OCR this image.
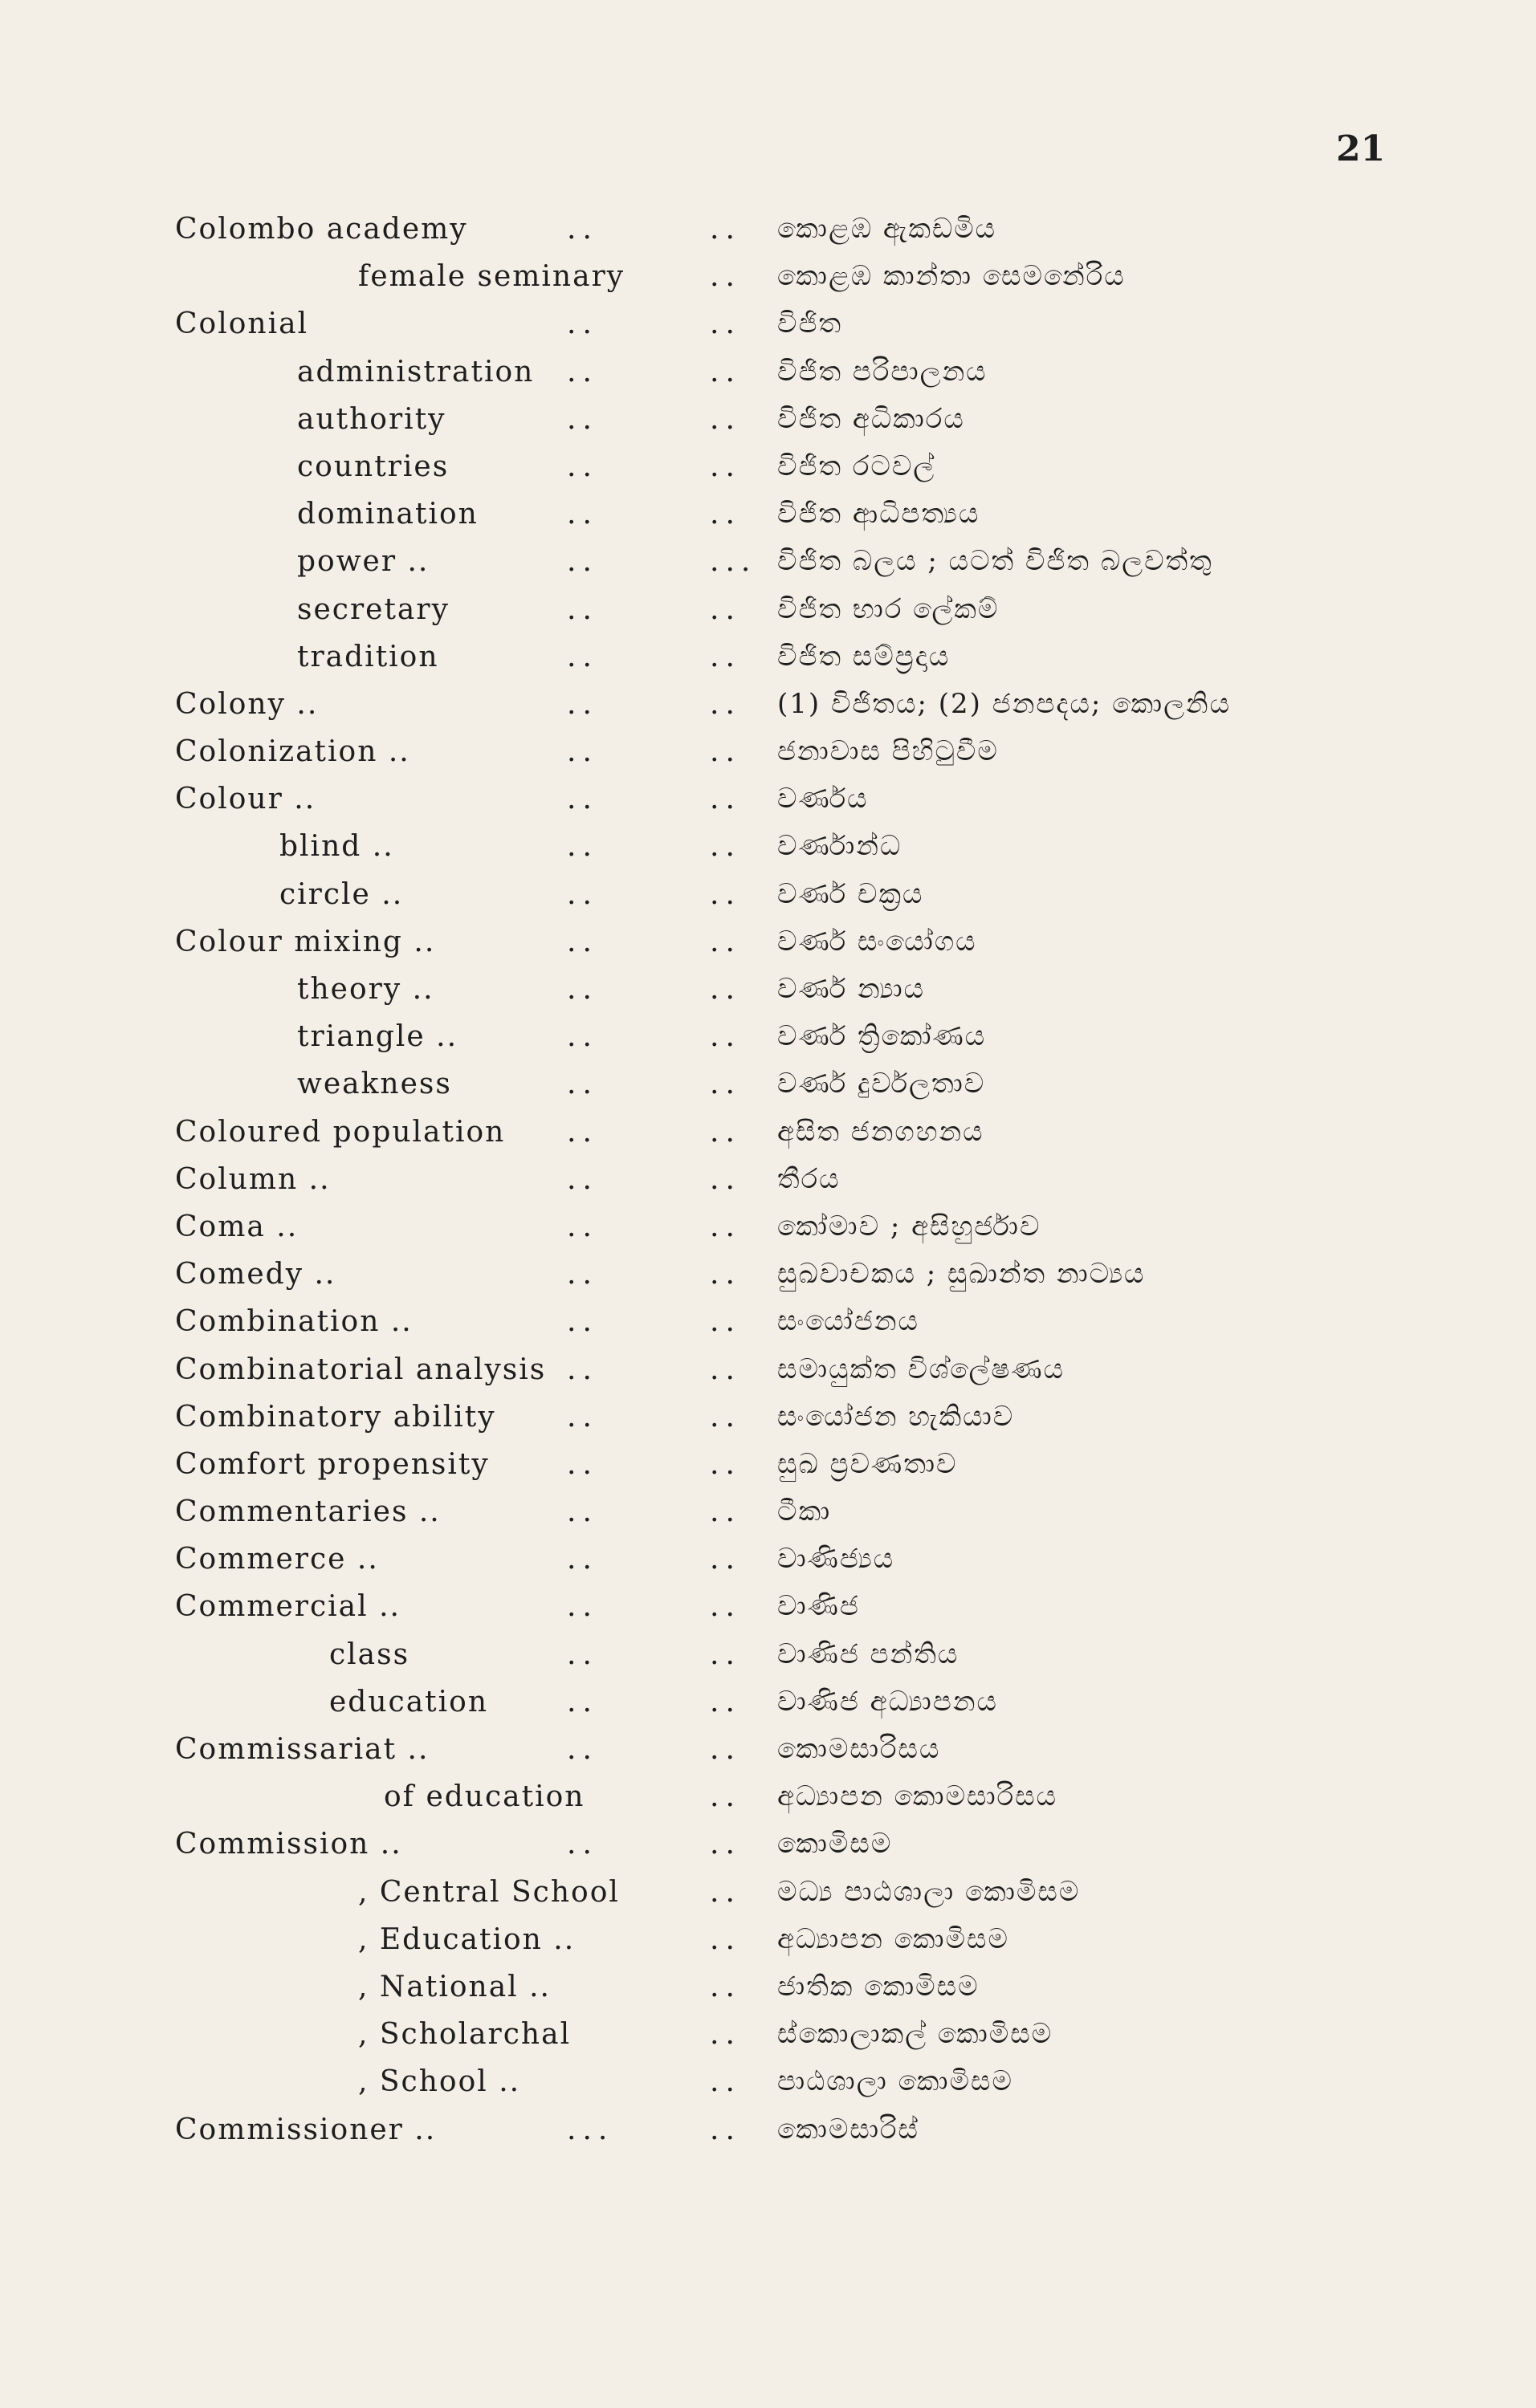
21
Colombo academy	..	.. කොළඹ ඇකඩමිය
female seminary	.. කොළඹ කාන්තා සෙමනේරිය
Colonial	..	.. විජිත
administration ..	.. විජිත පරිපාලනය
authority	..	.. විජිත අධිකාරය
countries	..	.. විජිත රටවල්
domination	..	.. විජිත ආධිපත්‍යය
power ..	..	... විජිත බලය ; යටත් විජිත බලවත්තු
secretary	..	.. විජිත භාර ලේකම්
tradition	..	.. විජිත සම්ප්‍රදාය
Colony ..	..	.. (1) විජිතය; (2) ජනපදය; කොලනිය
Colonization ..	..	.. ජනාවාස පිහිටුවීම
Colour ..	..	.. වර්ණය
blind ..	..	.. වර්ණාන්ධ
circle ..	..	.. වර්ණ චක්‍රය
Colour mixing ..	..	.. වර්ණ සංයෝගය
theory ..	..	.. වර්ණ න්‍යාය
triangle ..	..	.. වර්ණ ත්‍රිකෝණය
weakness	..	.. වර්ණ දුර්වලතාව
Coloured population ..	.. අසිත ජනගහනය
Column ..	..	.. තීරය
Coma ..	..	.. කෝමාව ; අසිහුර්ජාව
Comedy ..	..	.. සුඛවාචකය ; සුඛාන්ත නාට්‍යය
Combination ..	..	.. සංයෝජනය
Combinatorial analysis ..	.. සමායුක්ත විශ්ලේෂණය
Combinatory ability ..	.. සංයෝජන හැකියාව
Comfort propensity	..	.. සුඛ ප්‍රවණතාව
Commentaries ..	..	.. ටීකා
Commerce ..	..	.. වාණිජ්‍යය
Commercial ..	..	.. වාණිජ
class	..	.. වාණිජ පන්තිය
education	..	.. වාණිජ අධ්‍යාපනය
Commissariat ..	..	.. කොමසාරිසය
of education	.. අධ්‍යාපන කොමසාරිසය
Commission ..	..	.. කොමිසම
, Central School	.. මධ්‍ය පාඨශාලා කොමිසම
, Education ..	.. අධ්‍යාපන කොමිසම
, National ..	.. ජාතික කොමිසම
, Scholarchal	.. ස්කොලාකල් කොමිසම
, School ..	.. පාඨශාලා කොමිසම
Commissioner ..	...	.. කොමසාරිස්
